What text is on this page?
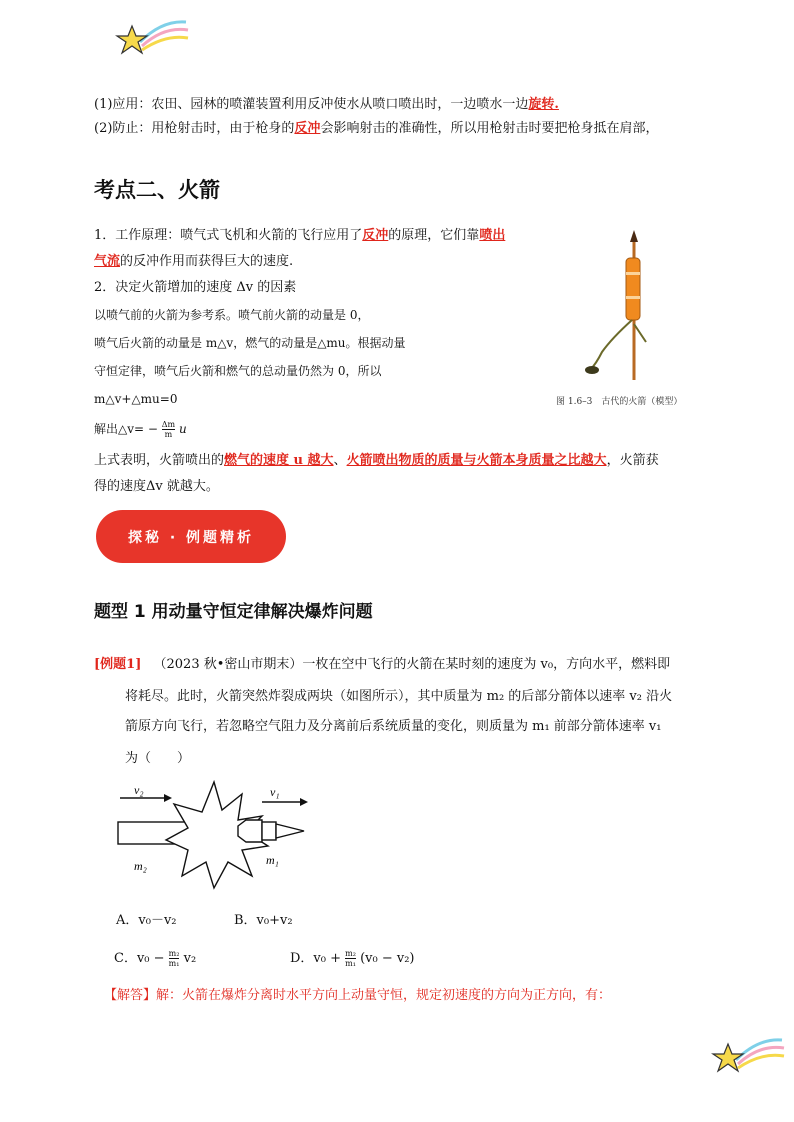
(1)应用：农田、园林的喷灌装置利用反冲使水从喷口喷出时，一边喷水一边旋转.
(2)防止：用枪射击时，由于枪身的反冲会影响射击的准确性，所以用枪射击时要把枪身抵在肩部，
考点二、火箭
1．工作原理：喷气式飞机和火箭的飞行应用了反冲的原理，它们靠喷出
气流的反冲作用而获得巨大的速度.
2．决定火箭增加的速度 Δv 的因素
以喷气前的火箭为参考系。喷气前火箭的动量是 0，
喷气后火箭的动量是 m△v，燃气的动量是△mu。根据动量
守恒定律，喷气后火箭和燃气的总动量仍然为 0，所以
m△v+△mu=0
解出△v= − $\frac{\Delta m}{m}$ u
上式表明，火箭喷出的燃气的速度 u 越大、火箭喷出物质的质量与火箭本身质量之比越大，火箭获
得的速度Δv 就越大。
图 1.6–3　古代的火箭（模型）
探秘 · 例题精析
题型 1 用动量守恒定律解决爆炸问题
[例题1] （2023 秋•密山市期末）一枚在空中飞行的火箭在某时刻的速度为 v₀，方向水平，燃料即
将耗尽。此时，火箭突然炸裂成两块（如图所示），其中质量为 m₂ 的后部分箭体以速率 v₂ 沿火
箭原方向飞行，若忽略空气阻力及分离前后系统质量的变化，则质量为 m₁ 前部分箭体速率 v₁
为（　　）
v₂	v₁
m₂	m₁
A．v₀－v₂	B．v₀+v₂
C．$v_0 - \frac{\text{m₂}}{\text{m₁}} v_2$	D．$v_0 + \frac{\text{m₂}}{\text{m₁}} (v_0 - v_2)$
【解答】解：火箭在爆炸分离时水平方向上动量守恒，规定初速度的方向为正方向，有：
